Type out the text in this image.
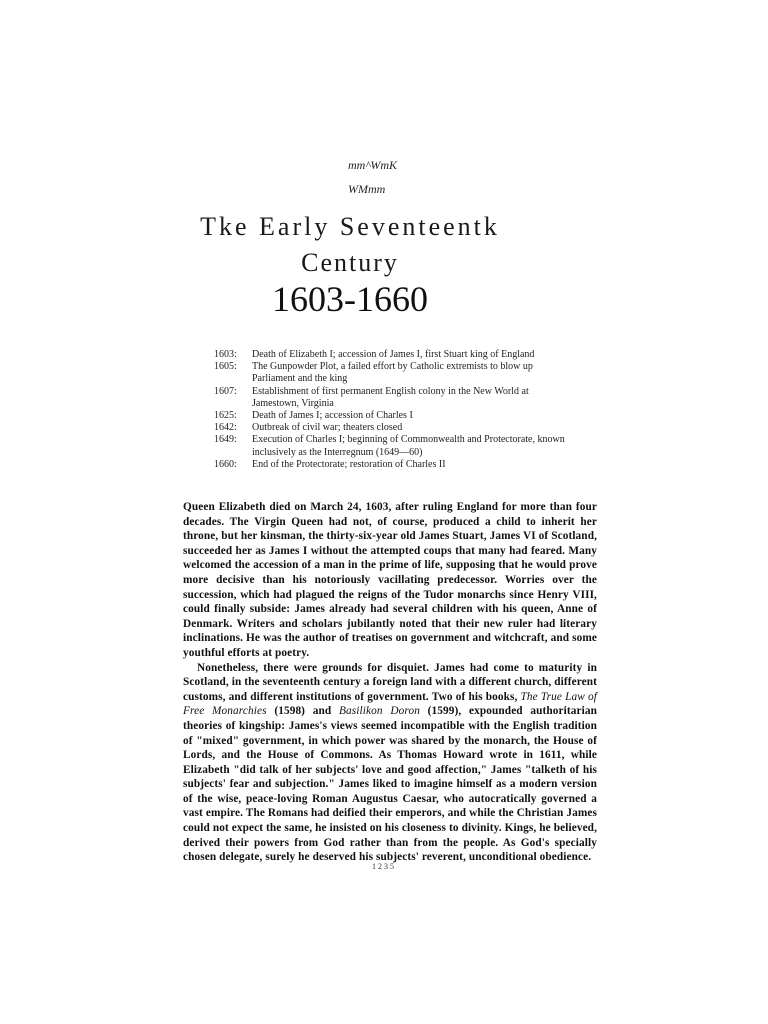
mm^WmK
WMmm
Tke Early Seventeentk
Century
1603-1660
1603:	Death of Elizabeth I; accession of James I, first Stuart king of England
1605:	The Gunpowder Plot, a failed effort by Catholic extremists to blow up Parliament and the king
1607:	Establishment of first permanent English colony in the New World at Jamestown, Virginia
1625:	Death of James I; accession of Charles I
1642:	Outbreak of civil war; theaters closed
1649:	Execution of Charles I; beginning of Commonwealth and Protectorate, known inclusively as the Interregnum (1649—60)
1660:	End of the Protectorate; restoration of Charles II

Queen Elizabeth died on March 24, 1603, after ruling England for more than four decades. The Virgin Queen had not, of course, produced a child to inherit her throne, but her kinsman, the thirty-six-year old James Stuart, James VI of Scotland, succeeded her as James I without the attempted coups that many had feared. Many welcomed the accession of a man in the prime of life, supposing that he would prove more decisive than his notoriously vacillating predecessor. Worries over the succession, which had plagued the reigns of the Tudor monarchs since Henry VIII, could finally subside: James already had several children with his queen, Anne of Denmark. Writers and scholars jubilantly noted that their new ruler had literary inclinations. He was the author of treatises on government and witchcraft, and some youthful efforts at poetry.

Nonetheless, there were grounds for disquiet. James had come to maturity in Scotland, in the seventeenth century a foreign land with a different church, different customs, and different institutions of government. Two of his books, The True Law of Free Monarchies (1598) and Basilikon Doron (1599), expounded authoritarian theories of kingship: James's views seemed incompatible with the English tradition of "mixed" government, in which power was shared by the monarch, the House of Lords, and the House of Commons. As Thomas Howard wrote in 1611, while Elizabeth "did talk of her subjects' love and good affection," James "talketh of his subjects' fear and subjection." James liked to imagine himself as a modern version of the wise, peace-loving Roman Augustus Caesar, who autocratically governed a vast empire. The Romans had deified their emperors, and while the Christian James could not expect the same, he insisted on his closeness to divinity. Kings, he believed, derived their powers from God rather than from the people. As God's specially chosen delegate, surely he deserved his subjects' reverent, unconditional obedience.

1235
